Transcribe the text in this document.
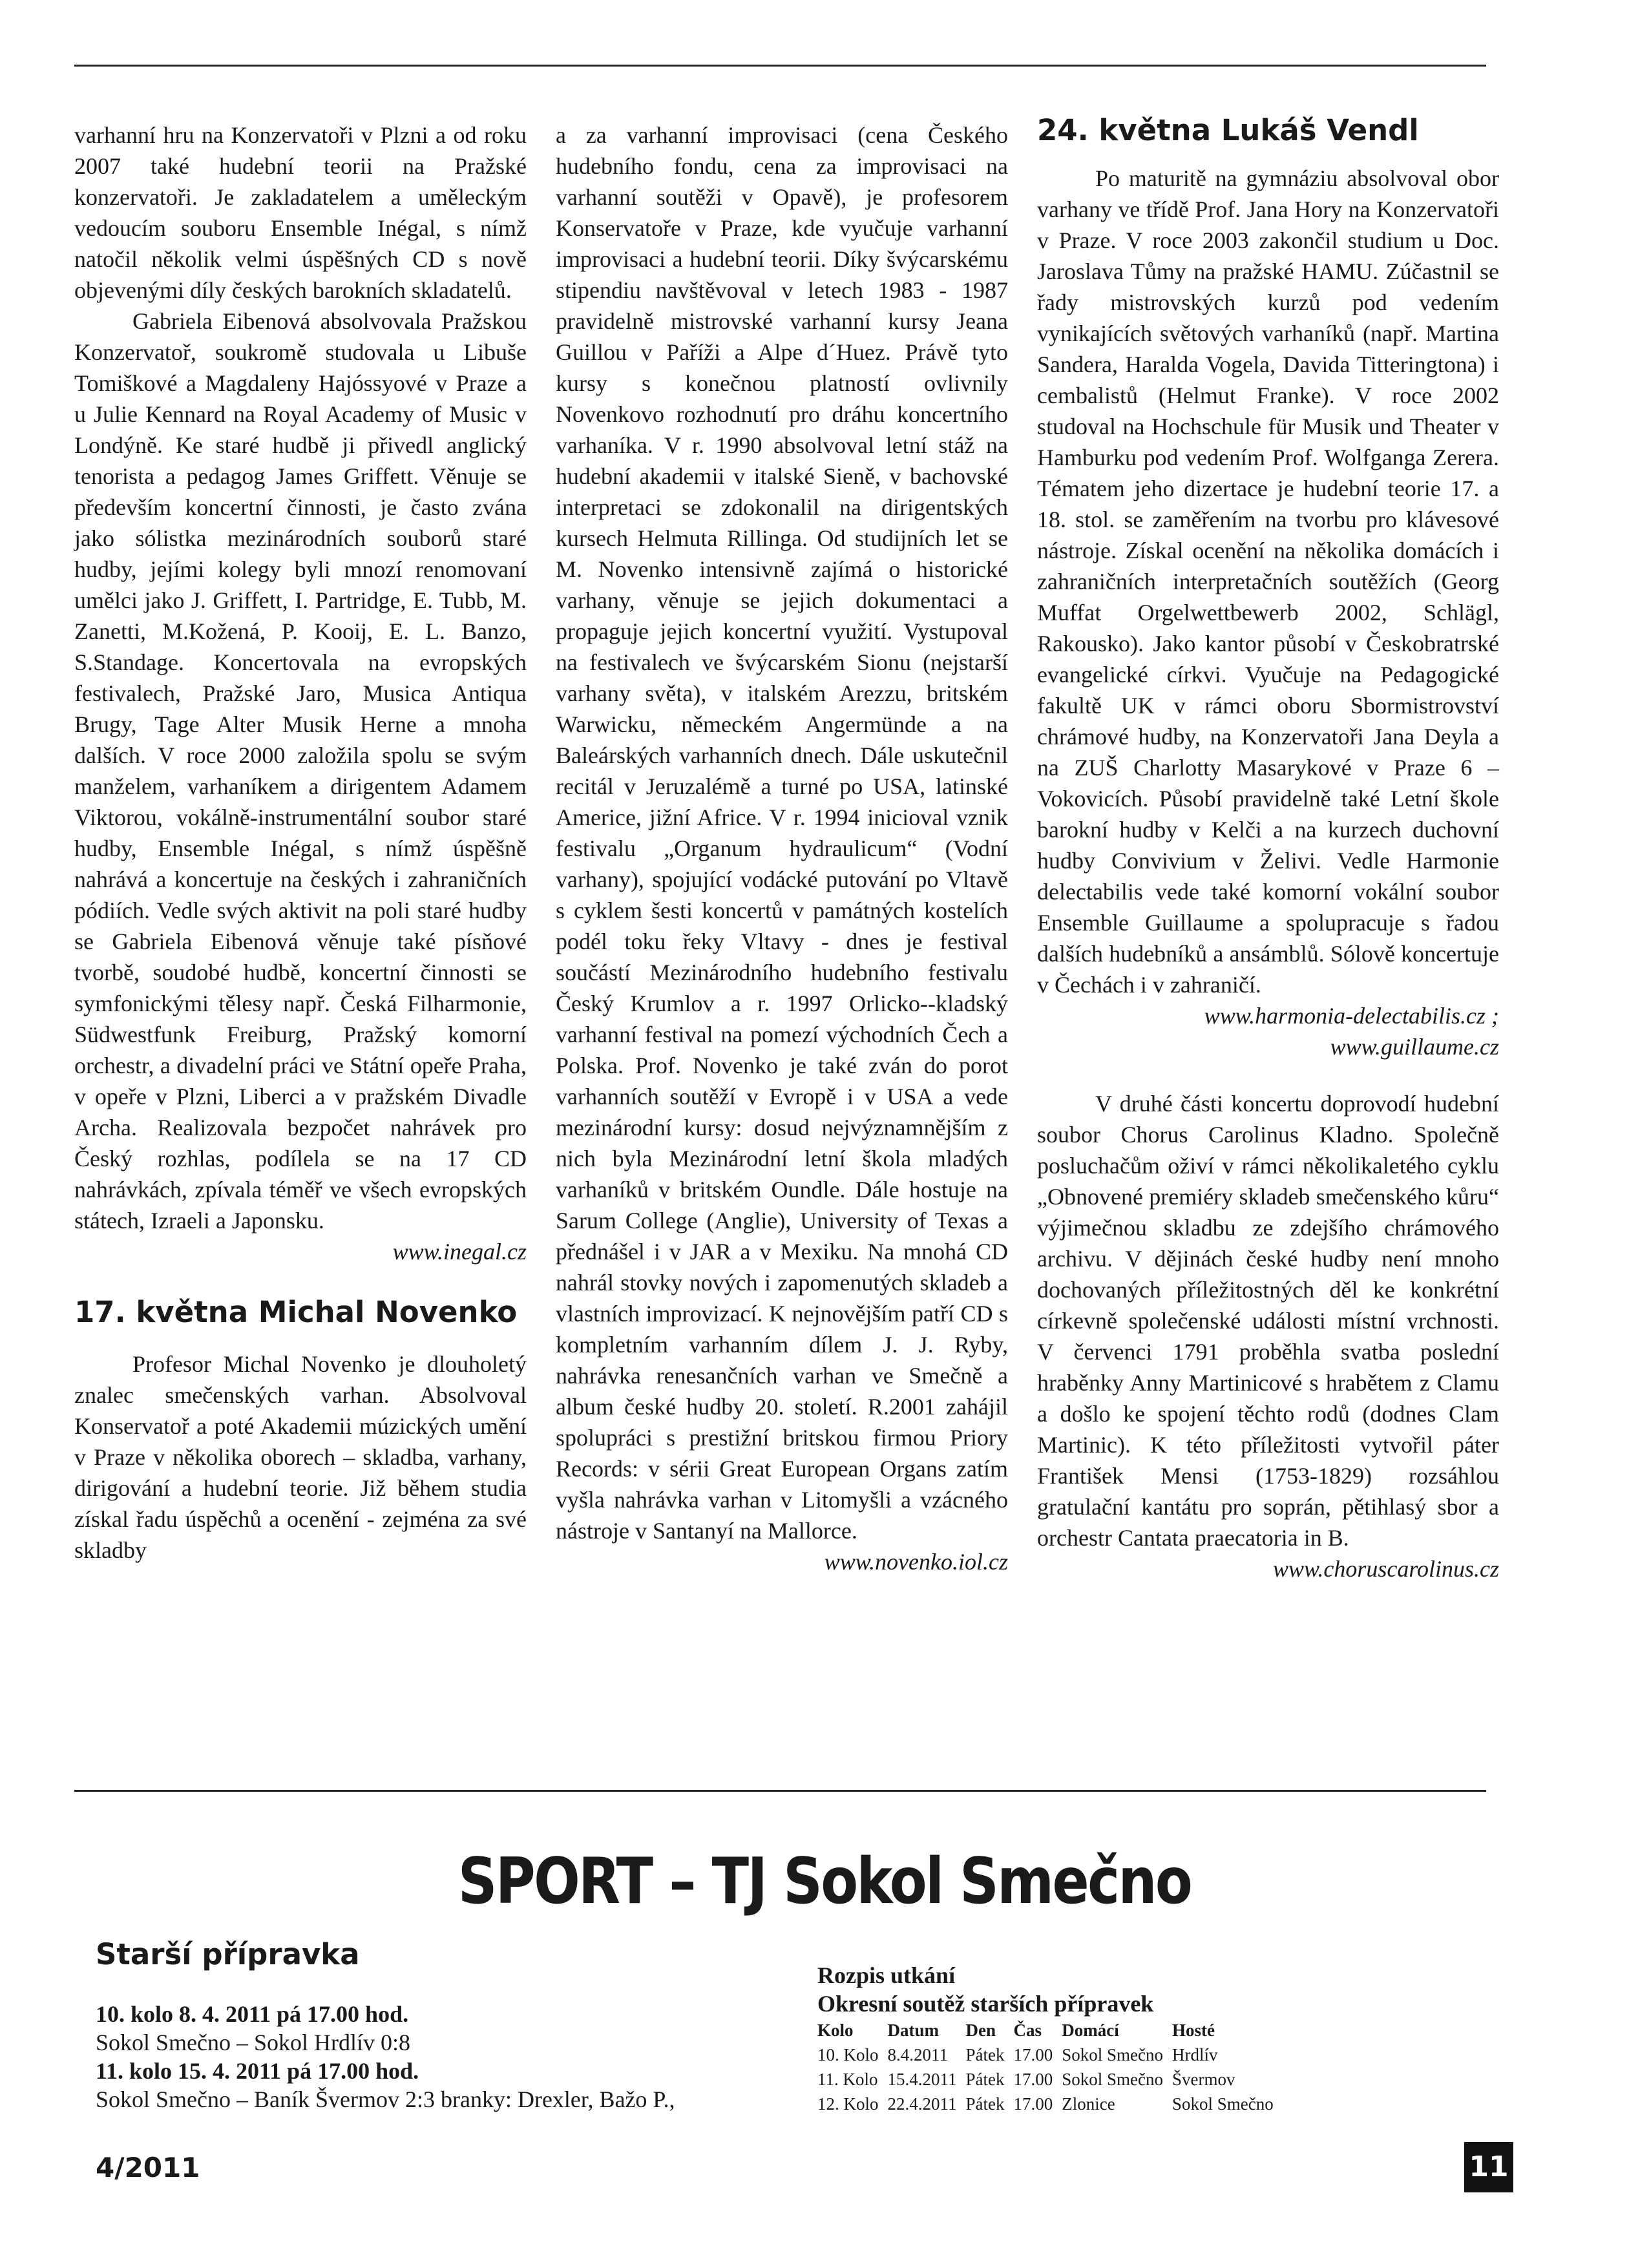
varhanní hru na Konzervatoři v Plzni a od roku 2007 také hudební teorii na Pražské konzervatoři. Je zakladatelem a uměleckým vedoucím souboru Ensemble Inégal, s nímž natočil několik velmi úspěšných CD s nově objevenými díly českých barokních skladatelů.

Gabriela Eibenová absolvovala Pražskou Konzervatoř, soukromě studovala u Libuše Tomiškové a Magdaleny Hajóssyové v Praze a u Julie Kennard na Royal Academy of Music v Londýně. Ke staré hudbě ji přivedl anglický tenorista a pedagog James Griffett. Věnuje se především koncertní činnosti, je často zvána jako sólistka mezinárodních souborů staré hudby, jejími kolegy byli mnozí renomovaní umělci jako J. Griffett, I. Partridge, E. Tubb, M. Zanetti, M.Kožená, P. Kooij, E. L. Banzo, S.Standage. Koncertovala na evropských festivalech, Pražské Jaro, Musica Antiqua Brugy, Tage Alter Musik Herne a mnoha dalších. V roce 2000 založila spolu se svým manželem, varhaníkem a dirigentem Adamem Viktorou, vokálně-instrumentální soubor staré hudby, Ensemble Inégal, s nímž úspěšně nahrává a koncertuje na českých i zahraničních pódiích. Vedle svých aktivit na poli staré hudby se Gabriela Eibenová věnuje také písňové tvorbě, soudobé hudbě, koncertní činnosti se symfonickými tělesy např. Česká Filharmonie, Südwestfunk Freiburg, Pražský komorní orchestr, a divadelní práci ve Státní opeře Praha, v opeře v Plzni, Liberci a v pražském Divadle Archa. Realizovala bezpočet nahrávek pro Český rozhlas, podílela se na 17 CD nahrávkách, zpívala téměř ve všech evropských státech, Izraeli a Japonsku.

www.inegal.cz

17. května Michal Novenko

Profesor Michal Novenko je dlouholetý znalec smečenských varhan. Absolvoval Konservatoř a poté Akademii múzických umění v Praze v několika oborech – skladba, varhany, dirigování a hudební teorie. Již během studia získal řadu úspěchů a ocenění - zejména za své skladby

a za varhanní improvisaci (cena Českého hudebního fondu, cena za improvisaci na varhanní soutěži v Opavě), je profesorem Konservatoře v Praze, kde vyučuje varhanní improvisaci a hudební teorii. Díky švýcarskému stipendiu navštěvoval v letech 1983 - 1987 pravidelně mistrovské varhanní kursy Jeana Guillou v Paříži a Alpe d´Huez. Právě tyto kursy s konečnou platností ovlivnily Novenkovo rozhodnutí pro dráhu koncertního varhaníka. V r. 1990 absolvoval letní stáž na hudební akademii v italské Sieně, v bachovské interpretaci se zdokonalil na dirigentských kursech Helmuta Rillinga. Od studijních let se M. Novenko intensivně zajímá o historické varhany, věnuje se jejich dokumentaci a propaguje jejich koncertní využití. Vystupoval na festivalech ve švýcarském Sionu (nejstarší varhany světa), v italském Arezzu, britském Warwicku, německém Angermünde a na Baleárských varhanních dnech. Dále uskutečnil recitál v Jeruzalémě a turné po USA, latinské Americe, jižní Africe. V r. 1994 inicioval vznik festivalu „Organum hydraulicum“ (Vodní varhany), spojující vodácké putování po Vltavě s cyklem šesti koncertů v památných kostelích podél toku řeky Vltavy - dnes je festival součástí Mezinárodního hudebního festivalu Český Krumlov a r. 1997 Orlicko--kladský varhanní festival na pomezí východních Čech a Polska. Prof. Novenko je také zván do porot varhanních soutěží v Evropě i v USA a vede mezinárodní kursy: dosud nejvýznamnějším z nich byla Mezinárodní letní škola mladých varhaníků v britském Oundle. Dále hostuje na Sarum College (Anglie), University of Texas a přednášel i v JAR a v Mexiku. Na mnohá CD nahrál stovky nových i zapomenutých skladeb a vlastních improvizací. K nejnovějším patří CD s kompletním varhanním dílem J. J. Ryby, nahrávka renesančních varhan ve Smečně a album české hudby 20. století. R.2001 zahájil spolupráci s prestižní britskou firmou Priory Records: v sérii Great European Organs zatím vyšla nahrávka varhan v Litomyšli a vzácného nástroje v Santanyí na Mallorce.

www.novenko.iol.cz

24. května Lukáš Vendl

Po maturitě na gymnáziu absolvoval obor varhany ve třídě Prof. Jana Hory na Konzervatoři v Praze. V roce 2003 zakončil studium u Doc. Jaroslava Tůmy na pražské HAMU. Zúčastnil se řady mistrovských kurzů pod vedením vynikajících světových varhaníků (např. Martina Sandera, Haralda Vogela, Davida Titteringtona) i cembalistů (Helmut Franke). V roce 2002 studoval na Hochschule für Musik und Theater v Hamburku pod vedením Prof. Wolfganga Zerera. Tématem jeho dizertace je hudební teorie 17. a 18. stol. se zaměřením na tvorbu pro klávesové nástroje. Získal ocenění na několika domácích i zahraničních interpretačních soutěžích (Georg Muffat Orgelwettbewerb 2002, Schlägl, Rakousko). Jako kantor působí v Českobratrské evangelické církvi. Vyučuje na Pedagogické fakultě UK v rámci oboru Sbormistrovství chrámové hudby, na Konzervatoři Jana Deyla a na ZUŠ Charlotty Masarykové v Praze 6 – Vokovicích. Působí pravidelně také Letní škole barokní hudby v Kelči a na kurzech duchovní hudby Convivium v Želivi. Vedle Harmonie delectabilis vede také komorní vokální soubor Ensemble Guillaume a spolupracuje s řadou dalších hudebníků a ansámblů. Sólově koncertuje v Čechách i v zahraničí.

www.harmonia-delectabilis.cz ;

www.guillaume.cz

V druhé části koncertu doprovodí hudební soubor Chorus Carolinus Kladno. Společně posluchačům oživí v rámci několikaletého cyklu „Obnovené premiéry skladeb smečenského kůru“ výjimečnou skladbu ze zdejšího chrámového archivu. V dějinách české hudby není mnoho dochovaných příležitostných děl ke konkrétní církevně společenské události místní vrchnosti. V červenci 1791 proběhla svatba poslední hraběnky Anny Martinicové s hrabětem z Clamu a došlo ke spojení těchto rodů (dodnes Clam Martinic). K této příležitosti vytvořil páter František Mensi (1753-1829) rozsáhlou gratulační kantátu pro soprán, pětihlasý sbor a orchestr Cantata praecatoria in B.

www.choruscarolinus.cz

SPORT – TJ Sokol Smečno
Starší přípravka
10. kolo 8. 4. 2011 pá 17.00 hod.
Sokol Smečno – Sokol Hrdlív 0:8
11. kolo 15. 4. 2011 pá 17.00 hod.
Sokol Smečno – Baník Švermov 2:3 branky: Drexler, Bažo P.,
Rozpis utkání
Okresní soutěž starších přípravek
Kolo	Datum	Den	Čas	Domácí	Hosté
10. Kolo	8.4.2011	Pátek	17.00	Sokol Smečno	Hrdlív
11. Kolo	15.4.2011	Pátek	17.00	Sokol Smečno	Švermov
12. Kolo	22.4.2011	Pátek	17.00	Zlonice	Sokol Smečno
4/2011	11
